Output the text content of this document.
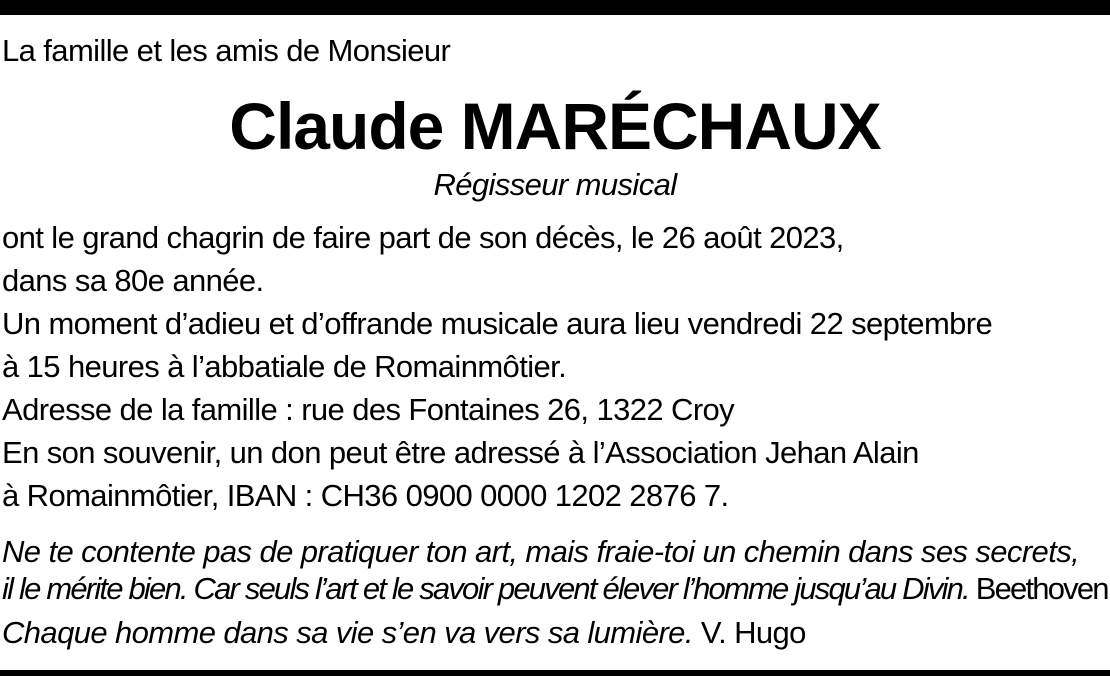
La famille et les amis de Monsieur
Claude MARÉCHAUX
Régisseur musical
ont le grand chagrin de faire part de son décès, le 26 août 2023,
dans sa 80e année.
Un moment d’adieu et d’offrande musicale aura lieu vendredi 22 septembre
à 15 heures à l’abbatiale de Romainmôtier.
Adresse de la famille : rue des Fontaines 26, 1322 Croy
En son souvenir, un don peut être adressé à l’Association Jehan Alain
à Romainmôtier, IBAN : CH36 0900 0000 1202 2876 7.
Ne te contente pas de pratiquer ton art, mais fraie-toi un chemin dans ses secrets,
il le mérite bien. Car seuls l’art et le savoir peuvent élever l’homme jusqu’au Divin. Beethoven
Chaque homme dans sa vie s’en va vers sa lumière. V. Hugo
